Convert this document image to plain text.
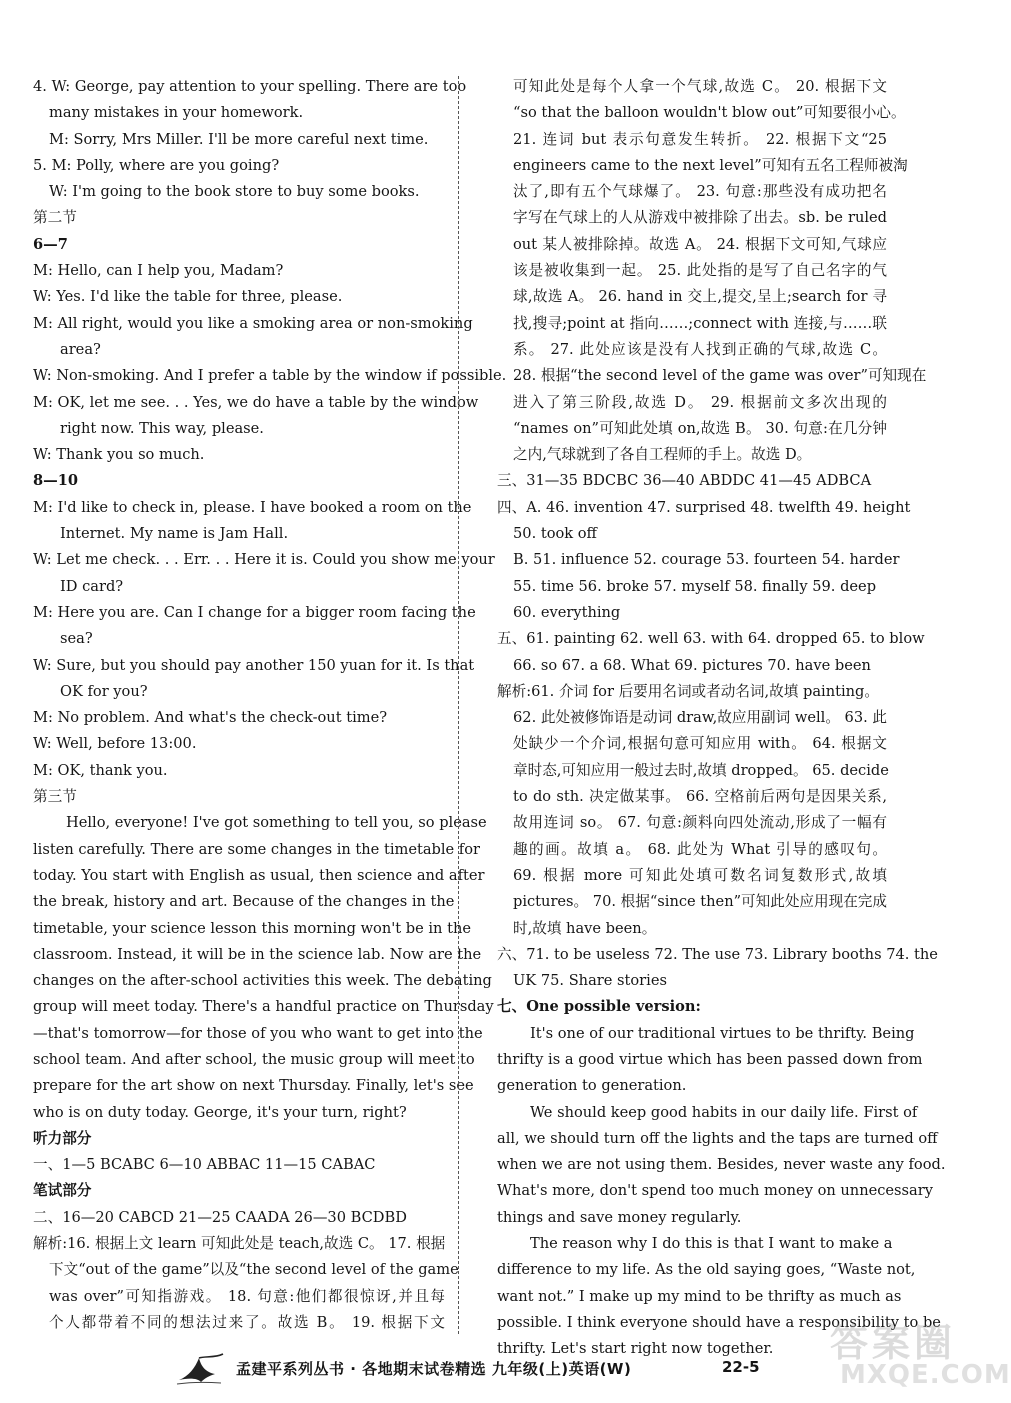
4. W: George, pay attention to your spelling. There are too
many mistakes in your homework.
M: Sorry, Mrs Miller. I'll be more careful next time.
5. M: Polly, where are you going?
W: I'm going to the book store to buy some books.
第二节
6—7
M: Hello, can I help you, Madam?
W: Yes. I'd like the table for three, please.
M: All right, would you like a smoking area or non-smoking
area?
W: Non-smoking. And I prefer a table by the window if possible.
M: OK, let me see. . . Yes, we do have a table by the window
right now. This way, please.
W: Thank you so much.
8—10
M: I'd like to check in, please. I have booked a room on the
Internet. My name is Jam Hall.
W: Let me check. . . Err. . . Here it is. Could you show me your
ID card?
M: Here you are. Can I change for a bigger room facing the
sea?
W: Sure, but you should pay another 150 yuan for it. Is that
OK for you?
M: No problem. And what's the check-out time?
W: Well, before 13:00.
M: OK, thank you.
第三节
Hello, everyone! I've got something to tell you, so please
listen carefully. There are some changes in the timetable for
today. You start with English as usual, then science and after
the break, history and art. Because of the changes in the
timetable, your science lesson this morning won't be in the
classroom. Instead, it will be in the science lab. Now are the
changes on the after-school activities this week. The debating
group will meet today. There's a handful practice on Thursday
—that's tomorrow—for those of you who want to get into the
school team. And after school, the music group will meet to
prepare for the art show on next Thursday. Finally, let's see
who is on duty today. George, it's your turn, right?
听力部分
一、1—5 BCABC 6—10 ABBAC 11—15 CABAC
笔试部分
二、16—20 CABCD 21—25 CAADA 26—30 BCDBD
解析:16. 根据上文 learn 可知此处是 teach,故选 C。 17. 根据
下文“out of the game”以及“the second level of the game
was over”可知指游戏。 18. 句意:他们都很惊讶,并且每
个人都带着不同的想法过来了。故选 B。 19. 根据下文
可知此处是每个人拿一个气球,故选 C。 20. 根据下文
“so that the balloon wouldn't blow out”可知要很小心。
21. 连词 but 表示句意发生转折。 22. 根据下文“25
engineers came to the next level”可知有五名工程师被淘
汰了,即有五个气球爆了。 23. 句意:那些没有成功把名
字写在气球上的人从游戏中被排除了出去。sb. be ruled
out 某人被排除掉。故选 A。 24. 根据下文可知,气球应
该是被收集到一起。 25. 此处指的是写了自己名字的气
球,故选 A。 26. hand in 交上,提交,呈上;search for 寻
找,搜寻;point at 指向……;connect with 连接,与……联
系。 27. 此处应该是没有人找到正确的气球,故选 C。
28. 根据“the second level of the game was over”可知现在
进入了第三阶段,故选 D。 29. 根据前文多次出现的
“names on”可知此处填 on,故选 B。 30. 句意:在几分钟
之内,气球就到了各自工程师的手上。故选 D。
三、31—35 BDCBC 36—40 ABDDC 41—45 ADBCA
四、A. 46. invention 47. surprised 48. twelfth 49. height
50. took off
B. 51. influence 52. courage 53. fourteen 54. harder
55. time 56. broke 57. myself 58. finally 59. deep
60. everything
五、61. painting 62. well 63. with 64. dropped 65. to blow
66. so 67. a 68. What 69. pictures 70. have been
解析:61. 介词 for 后要用名词或者动名词,故填 painting。
62. 此处被修饰语是动词 draw,故应用副词 well。 63. 此
处缺少一个介词,根据句意可知应用 with。 64. 根据文
章时态,可知应用一般过去时,故填 dropped。 65. decide
to do sth. 决定做某事。 66. 空格前后两句是因果关系,
故用连词 so。 67. 句意:颜料向四处流动,形成了一幅有
趣的画。故填 a。 68. 此处为 What 引导的感叹句。
69. 根据 more 可知此处填可数名词复数形式,故填
pictures。 70. 根据“since then”可知此处应用现在完成
时,故填 have been。
六、71. to be useless 72. The use 73. Library booths 74. the
UK 75. Share stories
七、One possible version:
It's one of our traditional virtues to be thrifty. Being
thrifty is a good virtue which has been passed down from
generation to generation.
We should keep good habits in our daily life. First of
all, we should turn off the lights and the taps are turned off
when we are not using them. Besides, never waste any food.
What's more, don't spend too much money on unnecessary
things and save money regularly.
The reason why I do this is that I want to make a
difference to my life. As the old saying goes, “Waste not,
want not.” I make up my mind to be thrifty as much as
possible. I think everyone should have a responsibility to be
thrifty. Let's start right now together.
孟建平系列丛书 · 各地期末试卷精选 九年级(上)英语(W)	22-5
答案圈
MXQE.COM
